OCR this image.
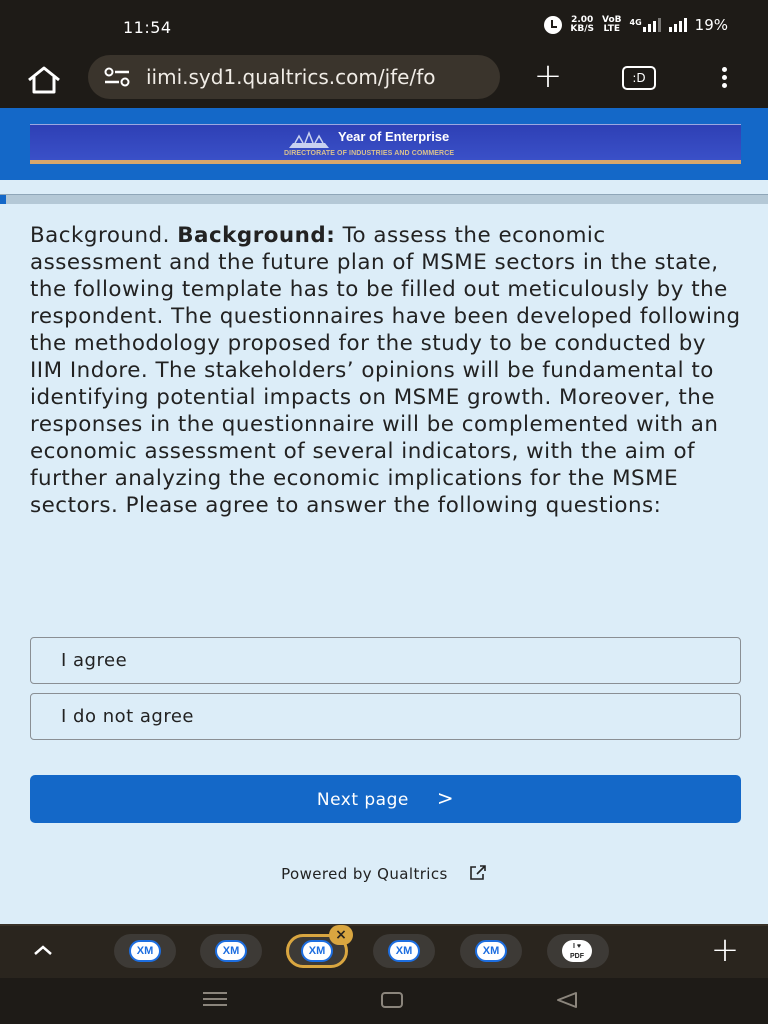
11:54	2.00
KB/S
VoB
LTE
4G	19%
iimi.syd1.qualtrics.com/jfe/fo	+	:D
Year of Enterprise
DIRECTORATE OF INDUSTRIES AND COMMERCE
Background. Background: To assess the economic assessment and the future plan of MSME sectors in the state, the following template has to be filled out meticulously by the respondent. The questionnaires have been developed following the methodology proposed for the study to be conducted by IIM Indore. The stakeholders’ opinions will be fundamental to identifying potential impacts on MSME growth. Moreover, the responses in the questionnaire will be complemented with an economic assessment of several indicators, with the aim of further analyzing the economic implications for the MSME sectors. Please agree to answer the following questions:
I agree
I do not agree
Next page >
Powered by Qualtrics
XM	XM	XM
×
XM	XM	I ♥
PDF	+
